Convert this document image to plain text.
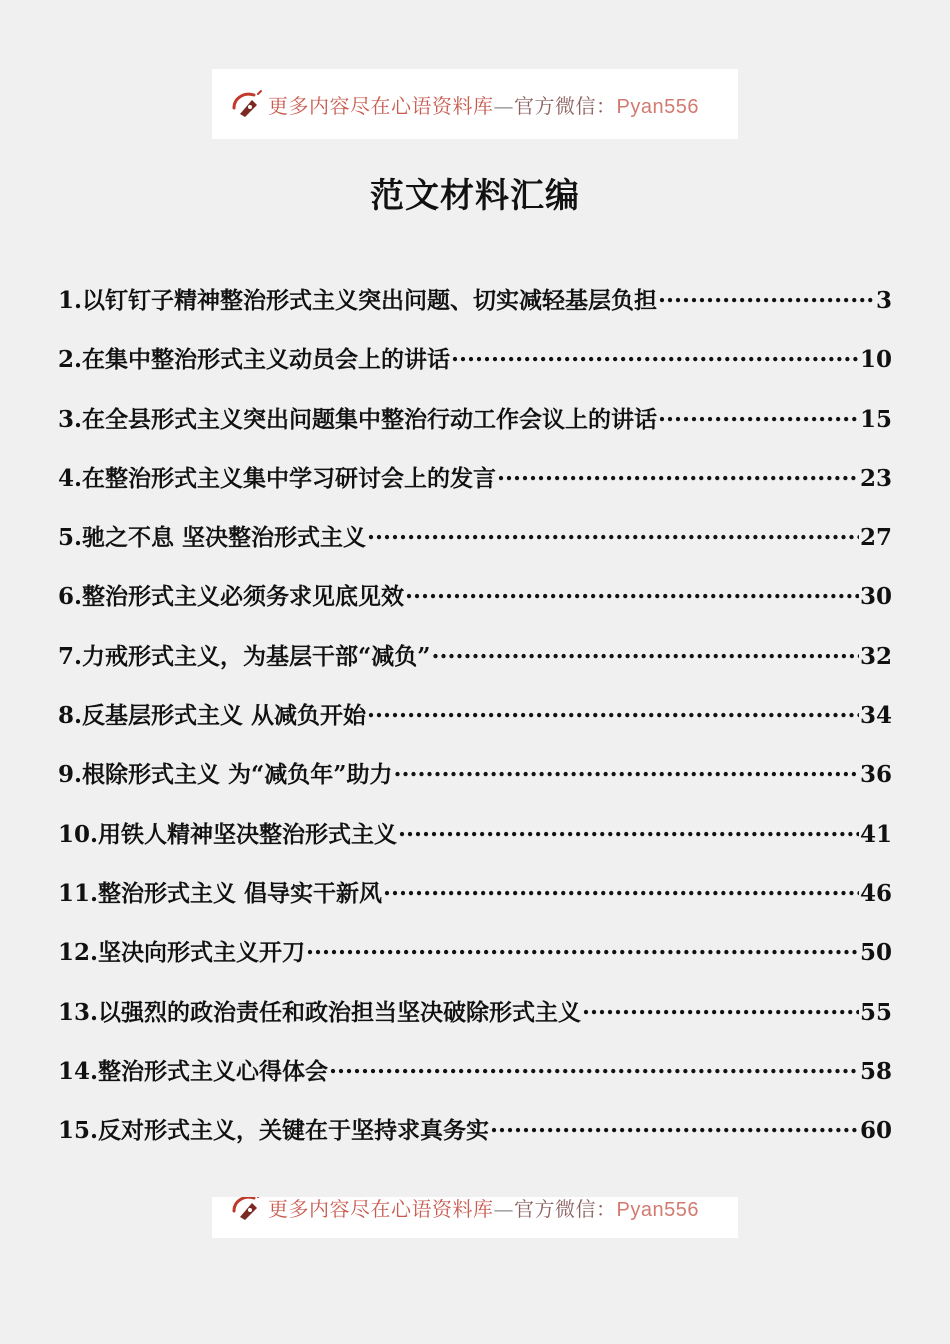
更多内容尽在心语资料库—官方微信：Pyan556
范文材料汇编
1.以钉钉子精神整治形式主义突出问题、切实减轻基层负担 .....	3
2.在集中整治形式主义动员会上的讲话 .....	10
3.在全县形式主义突出问题集中整治行动工作会议上的讲话 .....	15
4.在整治形式主义集中学习研讨会上的发言 .....	23
5.驰之不息 坚决整治形式主义 .....	27
6.整治形式主义必须务求见底见效 .....	30
7.力戒形式主义，为基层干部“减负” .....	32
8.反基层形式主义 从减负开始 .....	34
9.根除形式主义 为“减负年”助力 .....	36
10.用铁人精神坚决整治形式主义 .....	41
11.整治形式主义 倡导实干新风 .....	46
12.坚决向形式主义开刀 .....	50
13.以强烈的政治责任和政治担当坚决破除形式主义 .....	55
14.整治形式主义心得体会 .....	58
15.反对形式主义，关键在于坚持求真务实 .....	60
更多内容尽在心语资料库—官方微信：Pyan556
